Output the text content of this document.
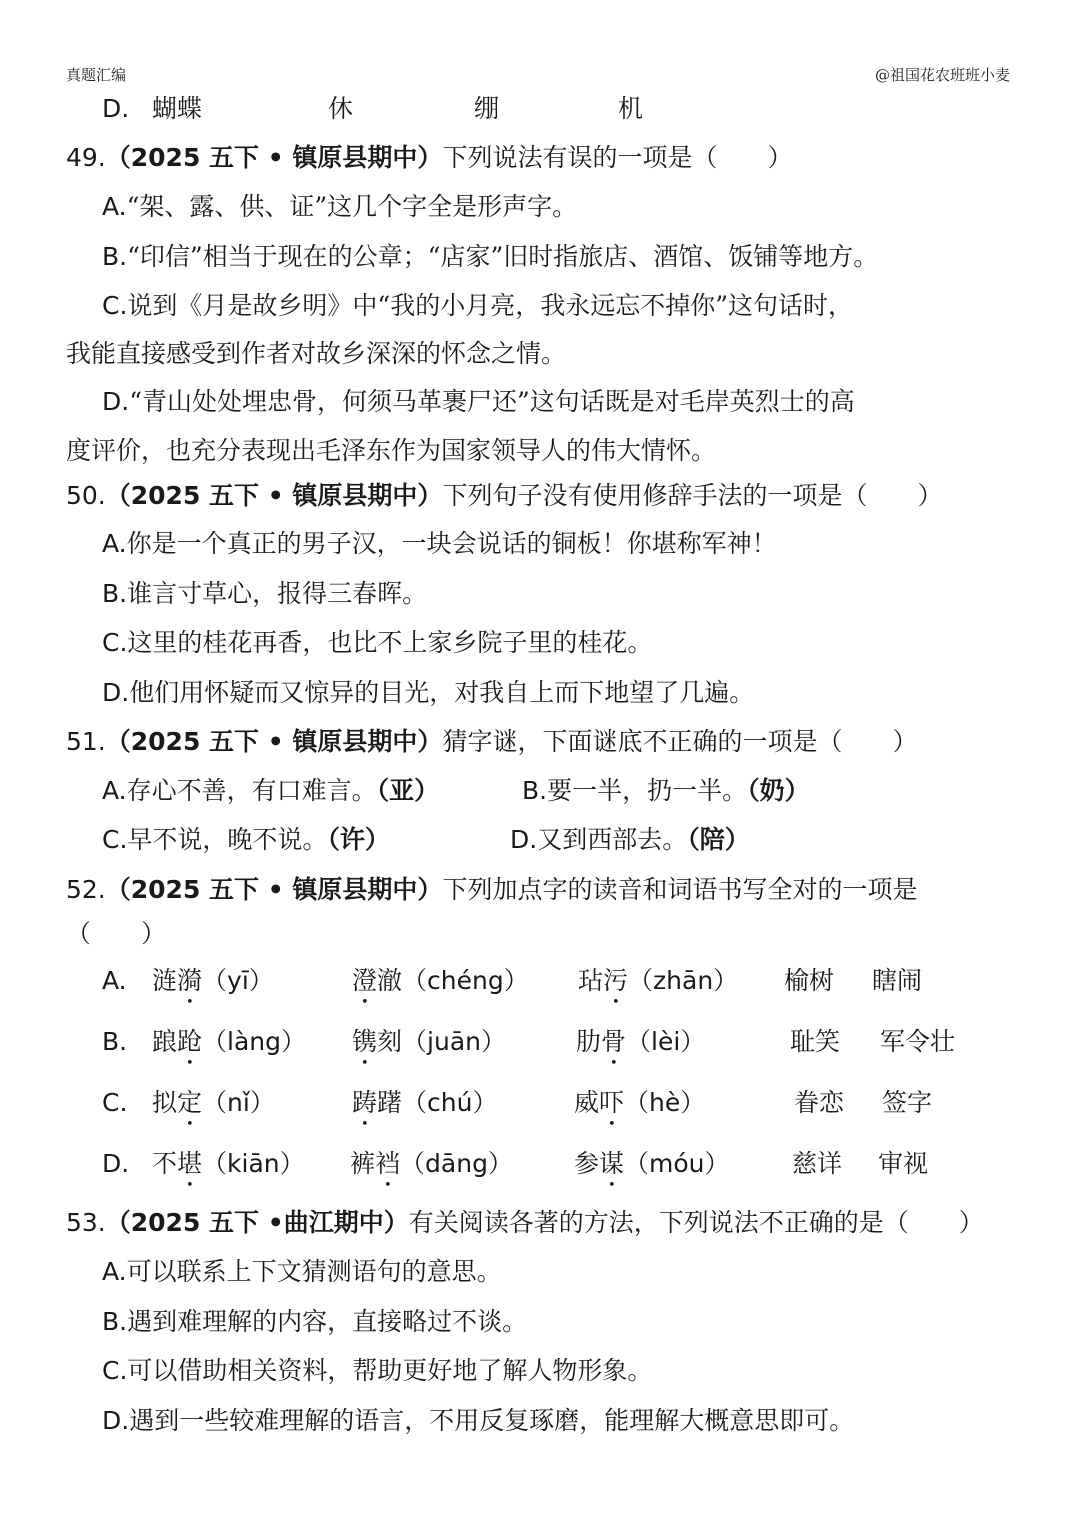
真题汇编	@祖国花农班班小麦
D. 蝴蝶	休	绷	机
49.（2025 五下 • 镇原县期中）下列说法有误的一项是（　　）
A.“架、露、供、证”这几个字全是形声字。
B.“印信”相当于现在的公章；“店家”旧时指旅店、酒馆、饭铺等地方。
C.说到《月是故乡明》中“我的小月亮，我永远忘不掉你”这句话时，
我能直接感受到作者对故乡深深的怀念之情。
D.“青山处处埋忠骨，何须马革裹尸还”这句话既是对毛岸英烈士的高
度评价，也充分表现出毛泽东作为国家领导人的伟大情怀。
50.（2025 五下 • 镇原县期中）下列句子没有使用修辞手法的一项是（　　）
A.你是一个真正的男子汉，一块会说话的铜板！你堪称军神！
B.谁言寸草心，报得三春晖。
C.这里的桂花再香，也比不上家乡院子里的桂花。
D.他们用怀疑而又惊异的目光，对我自上而下地望了几遍。
51.（2025 五下 • 镇原县期中）猜字谜，下面谜底不正确的一项是（　　）
A.存心不善，有口难言。（亚）	B.要一半，扔一半。（奶）
C.早不说，晚不说。（许）	D.又到西部去。（陪）
52.（2025 五下 • 镇原县期中）下列加点字的读音和词语书写全对的一项是
（　　）
A. 涟漪（yī）	澄澈（chéng） 玷污（zhān） 榆树 瞎闹
B. 踉跄（làng） 镌刻（juān）	肋骨（lèi）	耻笑 军令壮
C. 拟定（nǐ）	踌躇（chú）	威吓（hè）	眷恋 签字
D. 不堪（kiān） 裤裆（dāng） 参谋（móu） 慈详 审视
53.（2025 五下 •曲江期中）有关阅读各著的方法，下列说法不正确的是（　　）
A.可以联系上下文猜测语句的意思。
B.遇到难理解的内容，直接略过不谈。
C.可以借助相关资料，帮助更好地了解人物形象。
D.遇到一些较难理解的语言，不用反复琢磨，能理解大概意思即可。
